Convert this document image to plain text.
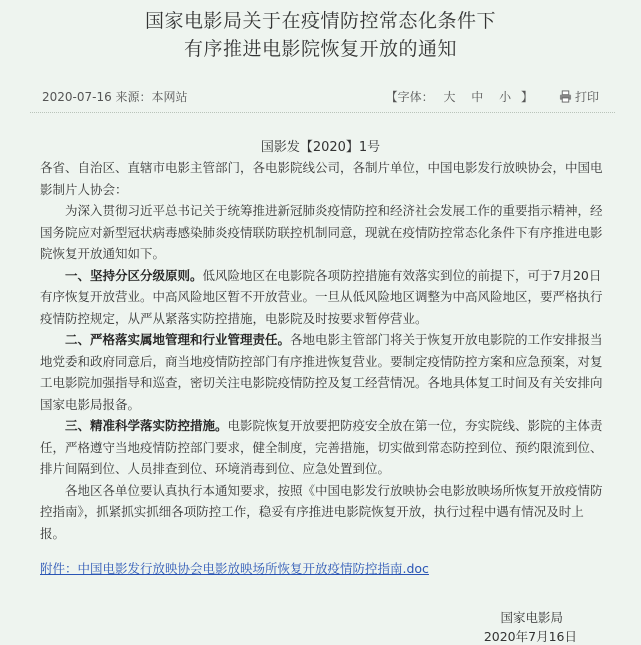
国家电影局关于在疫情防控常态化条件下
有序推进电影院恢复开放的通知
2020-07-16 来源：本网站	【字体： 大 中 小 】	打印
国影发【2020】1号

各省、自治区、直辖市电影主管部门，各电影院线公司，各制片单位，中国电影发行放映协会，中国电影制片人协会：

为深入贯彻习近平总书记关于统筹推进新冠肺炎疫情防控和经济社会发展工作的重要指示精神，经国务院应对新型冠状病毒感染肺炎疫情联防联控机制同意，现就在疫情防控常态化条件下有序推进电影院恢复开放通知如下。

一、坚持分区分级原则。低风险地区在电影院各项防控措施有效落实到位的前提下，可于7月20日有序恢复开放营业。中高风险地区暂不开放营业。一旦从低风险地区调整为中高风险地区，要严格执行疫情防控规定，从严从紧落实防控措施，电影院及时按要求暂停营业。

二、严格落实属地管理和行业管理责任。各地电影主管部门将关于恢复开放电影院的工作安排报当地党委和政府同意后，商当地疫情防控部门有序推进恢复营业。要制定疫情防控方案和应急预案，对复工电影院加强指导和巡查，密切关注电影院疫情防控及复工经营情况。各地具体复工时间及有关安排向国家电影局报备。

三、精准科学落实防控措施。电影院恢复开放要把防疫安全放在第一位，夯实院线、影院的主体责任，严格遵守当地疫情防控部门要求，健全制度，完善措施，切实做到常态防控到位、预约限流到位、排片间隔到位、人员排查到位、环境消毒到位、应急处置到位。

各地区各单位要认真执行本通知要求，按照《中国电影发行放映协会电影放映场所恢复开放疫情防控指南》，抓紧抓实抓细各项防控工作，稳妥有序推进电影院恢复开放，执行过程中遇有情况及时上报。

附件：中国电影发行放映协会电影放映场所恢复开放疫情防控指南.doc
国家电影局
2020年7月16日
